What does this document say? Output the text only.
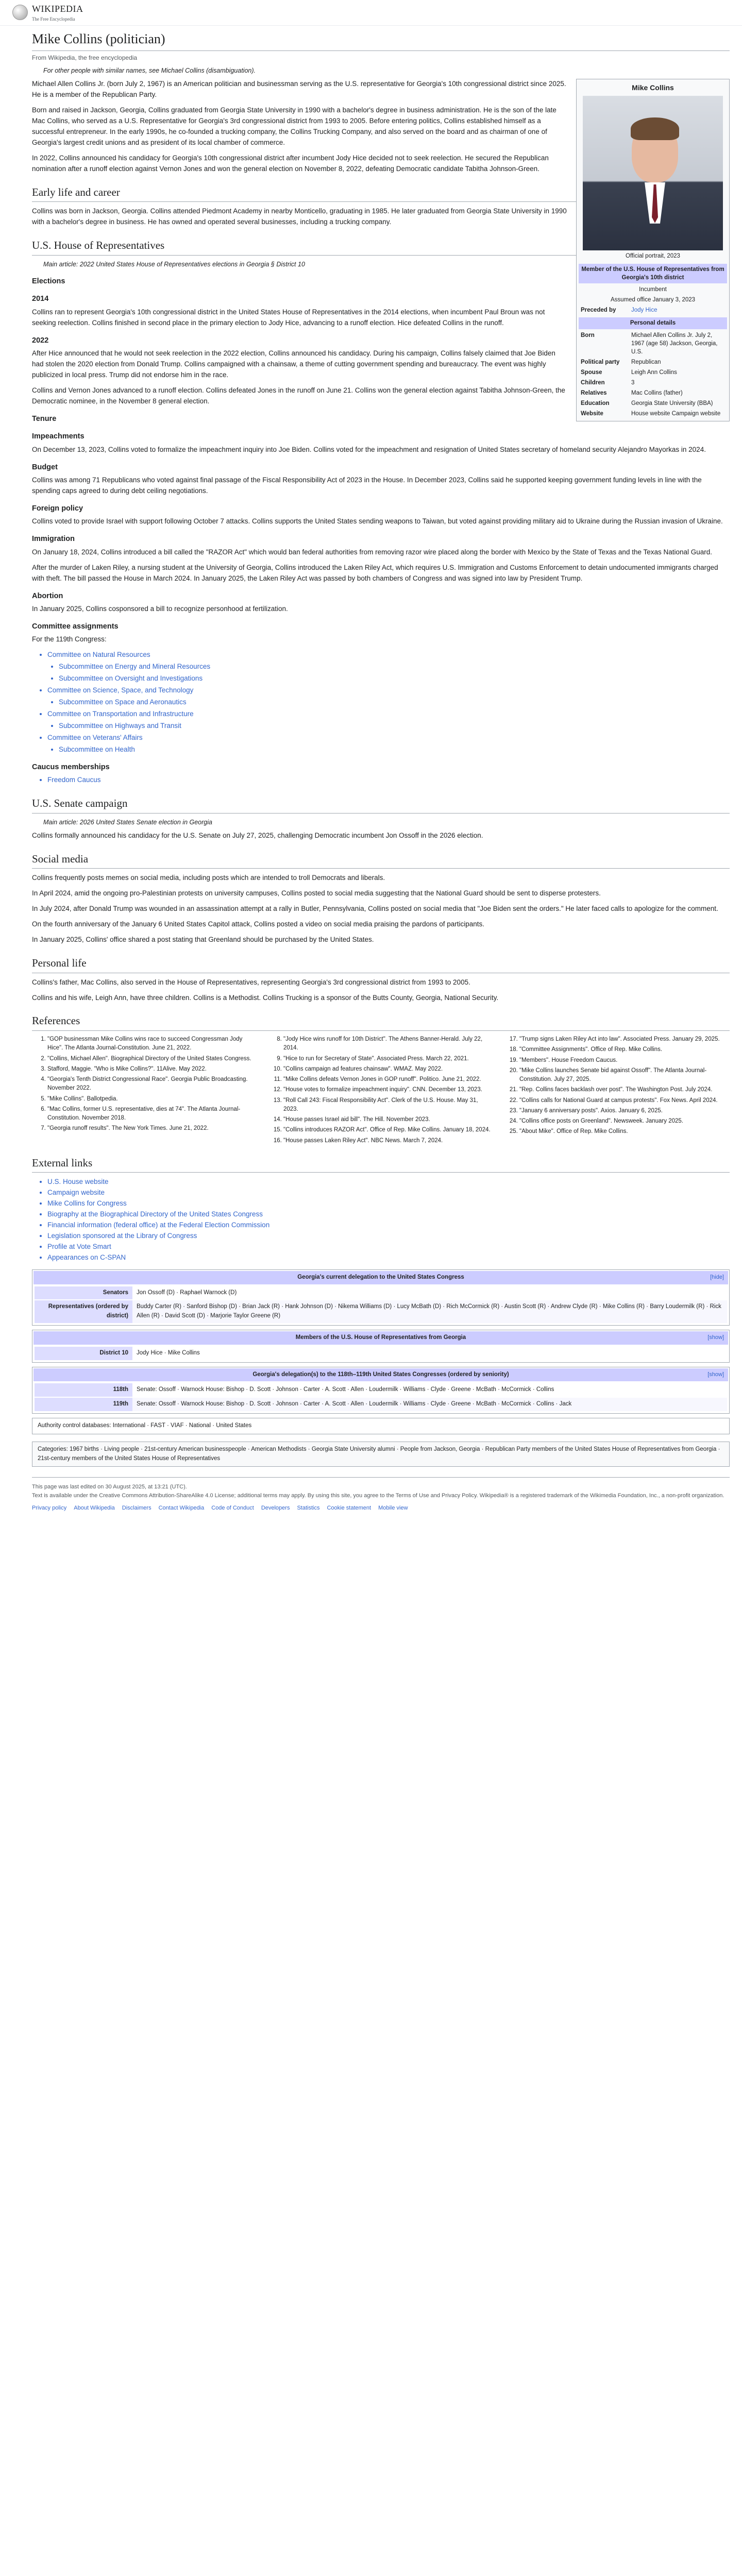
WIKIPEDIA
The Free Encyclopedia
Mike Collins (politician)
From Wikipedia, the free encyclopedia
For other people with similar names, see Michael Collins (disambiguation).
Mike Collins
Official portrait, 2023
Member of the U.S. House of Representatives from Georgia's 10th district
Incumbent
Assumed office January 3, 2023
Preceded by	Jody Hice
Personal details
Born	Michael Allen Collins Jr. July 2, 1967 (age 58) Jackson, Georgia, U.S.
Political party	Republican
Spouse	Leigh Ann Collins
Children	3
Relatives	Mac Collins (father)
Education	Georgia State University (BBA)
Website	House website Campaign website

Michael Allen Collins Jr. (born July 2, 1967) is an American politician and businessman serving as the U.S. representative for Georgia's 10th congressional district since 2025. He is a member of the Republican Party.

Born and raised in Jackson, Georgia, Collins graduated from Georgia State University in 1990 with a bachelor's degree in business administration. He is the son of the late Mac Collins, who served as a U.S. Representative for Georgia's 3rd congressional district from 1993 to 2005. Before entering politics, Collins established himself as a successful entrepreneur. In the early 1990s, he co-founded a trucking company, the Collins Trucking Company, and also served on the board and as chairman of one of Georgia's largest credit unions and as president of its local chamber of commerce.

In 2022, Collins announced his candidacy for Georgia's 10th congressional district after incumbent Jody Hice decided not to seek reelection. He secured the Republican nomination after a runoff election against Vernon Jones and won the general election on November 8, 2022, defeating Democratic candidate Tabitha Johnson-Green.

Early life and career

Collins was born in Jackson, Georgia. Collins attended Piedmont Academy in nearby Monticello, graduating in 1985. He later graduated from Georgia State University in 1990 with a bachelor's degree in business. He has owned and operated several businesses, including a trucking company.

U.S. House of Representatives
Main article: 2022 United States House of Representatives elections in Georgia § District 10
Elections
2014

Collins ran to represent Georgia's 10th congressional district in the United States House of Representatives in the 2014 elections, when incumbent Paul Broun was not seeking reelection. Collins finished in second place in the primary election to Jody Hice, advancing to a runoff election. Hice defeated Collins in the runoff.

2022

After Hice announced that he would not seek reelection in the 2022 election, Collins announced his candidacy. During his campaign, Collins falsely claimed that Joe Biden had stolen the 2020 election from Donald Trump. Collins campaigned with a chainsaw, a theme of cutting government spending and bureaucracy. The event was highly publicized in local press. Trump did not endorse him in the race.

Collins and Vernon Jones advanced to a runoff election. Collins defeated Jones in the runoff on June 21. Collins won the general election against Tabitha Johnson-Green, the Democratic nominee, in the November 8 general election.

Tenure
Impeachments

On December 13, 2023, Collins voted to formalize the impeachment inquiry into Joe Biden. Collins voted for the impeachment and resignation of United States secretary of homeland security Alejandro Mayorkas in 2024.

Budget

Collins was among 71 Republicans who voted against final passage of the Fiscal Responsibility Act of 2023 in the House. In December 2023, Collins said he supported keeping government funding levels in line with the spending caps agreed to during debt ceiling negotiations.

Foreign policy

Collins voted to provide Israel with support following October 7 attacks. Collins supports the United States sending weapons to Taiwan, but voted against providing military aid to Ukraine during the Russian invasion of Ukraine.

Immigration

On January 18, 2024, Collins introduced a bill called the "RAZOR Act" which would ban federal authorities from removing razor wire placed along the border with Mexico by the State of Texas and the Texas National Guard.

After the murder of Laken Riley, a nursing student at the University of Georgia, Collins introduced the Laken Riley Act, which requires U.S. Immigration and Customs Enforcement to detain undocumented immigrants charged with theft. The bill passed the House in March 2024. In January 2025, the Laken Riley Act was passed by both chambers of Congress and was signed into law by President Trump.

Abortion

In January 2025, Collins cosponsored a bill to recognize personhood at fertilization.

Committee assignments

For the 119th Congress:

• Committee on Natural Resources
• Subcommittee on Energy and Mineral Resources
• Subcommittee on Oversight and Investigations
• Committee on Science, Space, and Technology
• Subcommittee on Space and Aeronautics
• Committee on Transportation and Infrastructure
• Subcommittee on Highways and Transit
• Committee on Veterans' Affairs
• Subcommittee on Health
Caucus memberships
• Freedom Caucus
U.S. Senate campaign
Main article: 2026 United States Senate election in Georgia

Collins formally announced his candidacy for the U.S. Senate on July 27, 2025, challenging Democratic incumbent Jon Ossoff in the 2026 election.

Social media

Collins frequently posts memes on social media, including posts which are intended to troll Democrats and liberals.

In April 2024, amid the ongoing pro-Palestinian protests on university campuses, Collins posted to social media suggesting that the National Guard should be sent to disperse protesters.

In July 2024, after Donald Trump was wounded in an assassination attempt at a rally in Butler, Pennsylvania, Collins posted on social media that "Joe Biden sent the orders." He later faced calls to apologize for the comment.

On the fourth anniversary of the January 6 United States Capitol attack, Collins posted a video on social media praising the pardons of participants.

In January 2025, Collins' office shared a post stating that Greenland should be purchased by the United States.

Personal life

Collins's father, Mac Collins, also served in the House of Representatives, representing Georgia's 3rd congressional district from 1993 to 2005.

Collins and his wife, Leigh Ann, have three children. Collins is a Methodist. Collins Trucking is a sponsor of the Butts County, Georgia, National Security.

References
1. "GOP businessman Mike Collins wins race to succeed Congressman Jody Hice". The Atlanta Journal-Constitution. June 21, 2022.
2. "Collins, Michael Allen". Biographical Directory of the United States Congress.
3. Stafford, Maggie. "Who is Mike Collins?". 11Alive. May 2022.
4. "Georgia's Tenth District Congressional Race". Georgia Public Broadcasting. November 2022.
5. "Mike Collins". Ballotpedia.
6. "Mac Collins, former U.S. representative, dies at 74". The Atlanta Journal-Constitution. November 2018.
7. "Georgia runoff results". The New York Times. June 21, 2022.
8. "Jody Hice wins runoff for 10th District". The Athens Banner-Herald. July 22, 2014.
9. "Hice to run for Secretary of State". Associated Press. March 22, 2021.
10. "Collins campaign ad features chainsaw". WMAZ. May 2022.
11. "Mike Collins defeats Vernon Jones in GOP runoff". Politico. June 21, 2022.
12. "House votes to formalize impeachment inquiry". CNN. December 13, 2023.
13. "Roll Call 243: Fiscal Responsibility Act". Clerk of the U.S. House. May 31, 2023.
14. "House passes Israel aid bill". The Hill. November 2023.
15. "Collins introduces RAZOR Act". Office of Rep. Mike Collins. January 18, 2024.
16. "House passes Laken Riley Act". NBC News. March 7, 2024.
17. "Trump signs Laken Riley Act into law". Associated Press. January 29, 2025.
18. "Committee Assignments". Office of Rep. Mike Collins.
19. "Members". House Freedom Caucus.
20. "Mike Collins launches Senate bid against Ossoff". The Atlanta Journal-Constitution. July 27, 2025.
21. "Rep. Collins faces backlash over post". The Washington Post. July 2024.
22. "Collins calls for National Guard at campus protests". Fox News. April 2024.
23. "January 6 anniversary posts". Axios. January 6, 2025.
24. "Collins office posts on Greenland". Newsweek. January 2025.
25. "About Mike". Office of Rep. Mike Collins.
External links
• U.S. House website
• Campaign website
• Mike Collins for Congress
• Biography at the Biographical Directory of the United States Congress
• Financial information (federal office) at the Federal Election Commission
• Legislation sponsored at the Library of Congress
• Profile at Vote Smart
• Appearances on C-SPAN
Georgia's current delegation to the United States Congress	[hide]
Senators	Jon Ossoff (D) · Raphael Warnock (D)
Representatives (ordered by district)
Buddy Carter (R) · Sanford Bishop (D) · Brian Jack (R) · Hank Johnson (D) · Nikema Williams (D) · Lucy McBath (D) · Rich McCormick (R) · Austin Scott (R) · Andrew Clyde (R) · Mike Collins (R) · Barry Loudermilk (R) · Rick Allen (R) · David Scott (D) · Marjorie Taylor Greene (R)
Members of the U.S. House of Representatives from Georgia	[show]
District 10	Jody Hice · Mike Collins
Georgia's delegation(s) to the 118th–119th United States Congresses (ordered by seniority)	[show]
118th	Senate: Ossoff · Warnock House: Bishop · D. Scott · Johnson · Carter · A. Scott · Allen · Loudermilk · Williams · Clyde · Greene · McBath · McCormick · Collins
119th	Senate: Ossoff · Warnock House: Bishop · D. Scott · Johnson · Carter · A. Scott · Allen · Loudermilk · Williams · Clyde · Greene · McBath · McCormick · Collins · Jack
Authority control databases: International · FAST · VIAF · National · United States
Categories: 1967 births · Living people · 21st-century American businesspeople · American Methodists · Georgia State University alumni · People from Jackson, Georgia · Republican Party members of the United States House of Representatives from Georgia · 21st-century members of the United States House of Representatives
This page was last edited on 30 August 2025, at 13:21 (UTC).
Text is available under the Creative Commons Attribution-ShareAlike 4.0 License; additional terms may apply. By using this site, you agree to the Terms of Use and Privacy Policy. Wikipedia® is a registered trademark of the Wikimedia Foundation, Inc., a non-profit organization.
Privacy policy About Wikipedia Disclaimers Contact Wikipedia Code of Conduct Developers Statistics Cookie statement Mobile view
